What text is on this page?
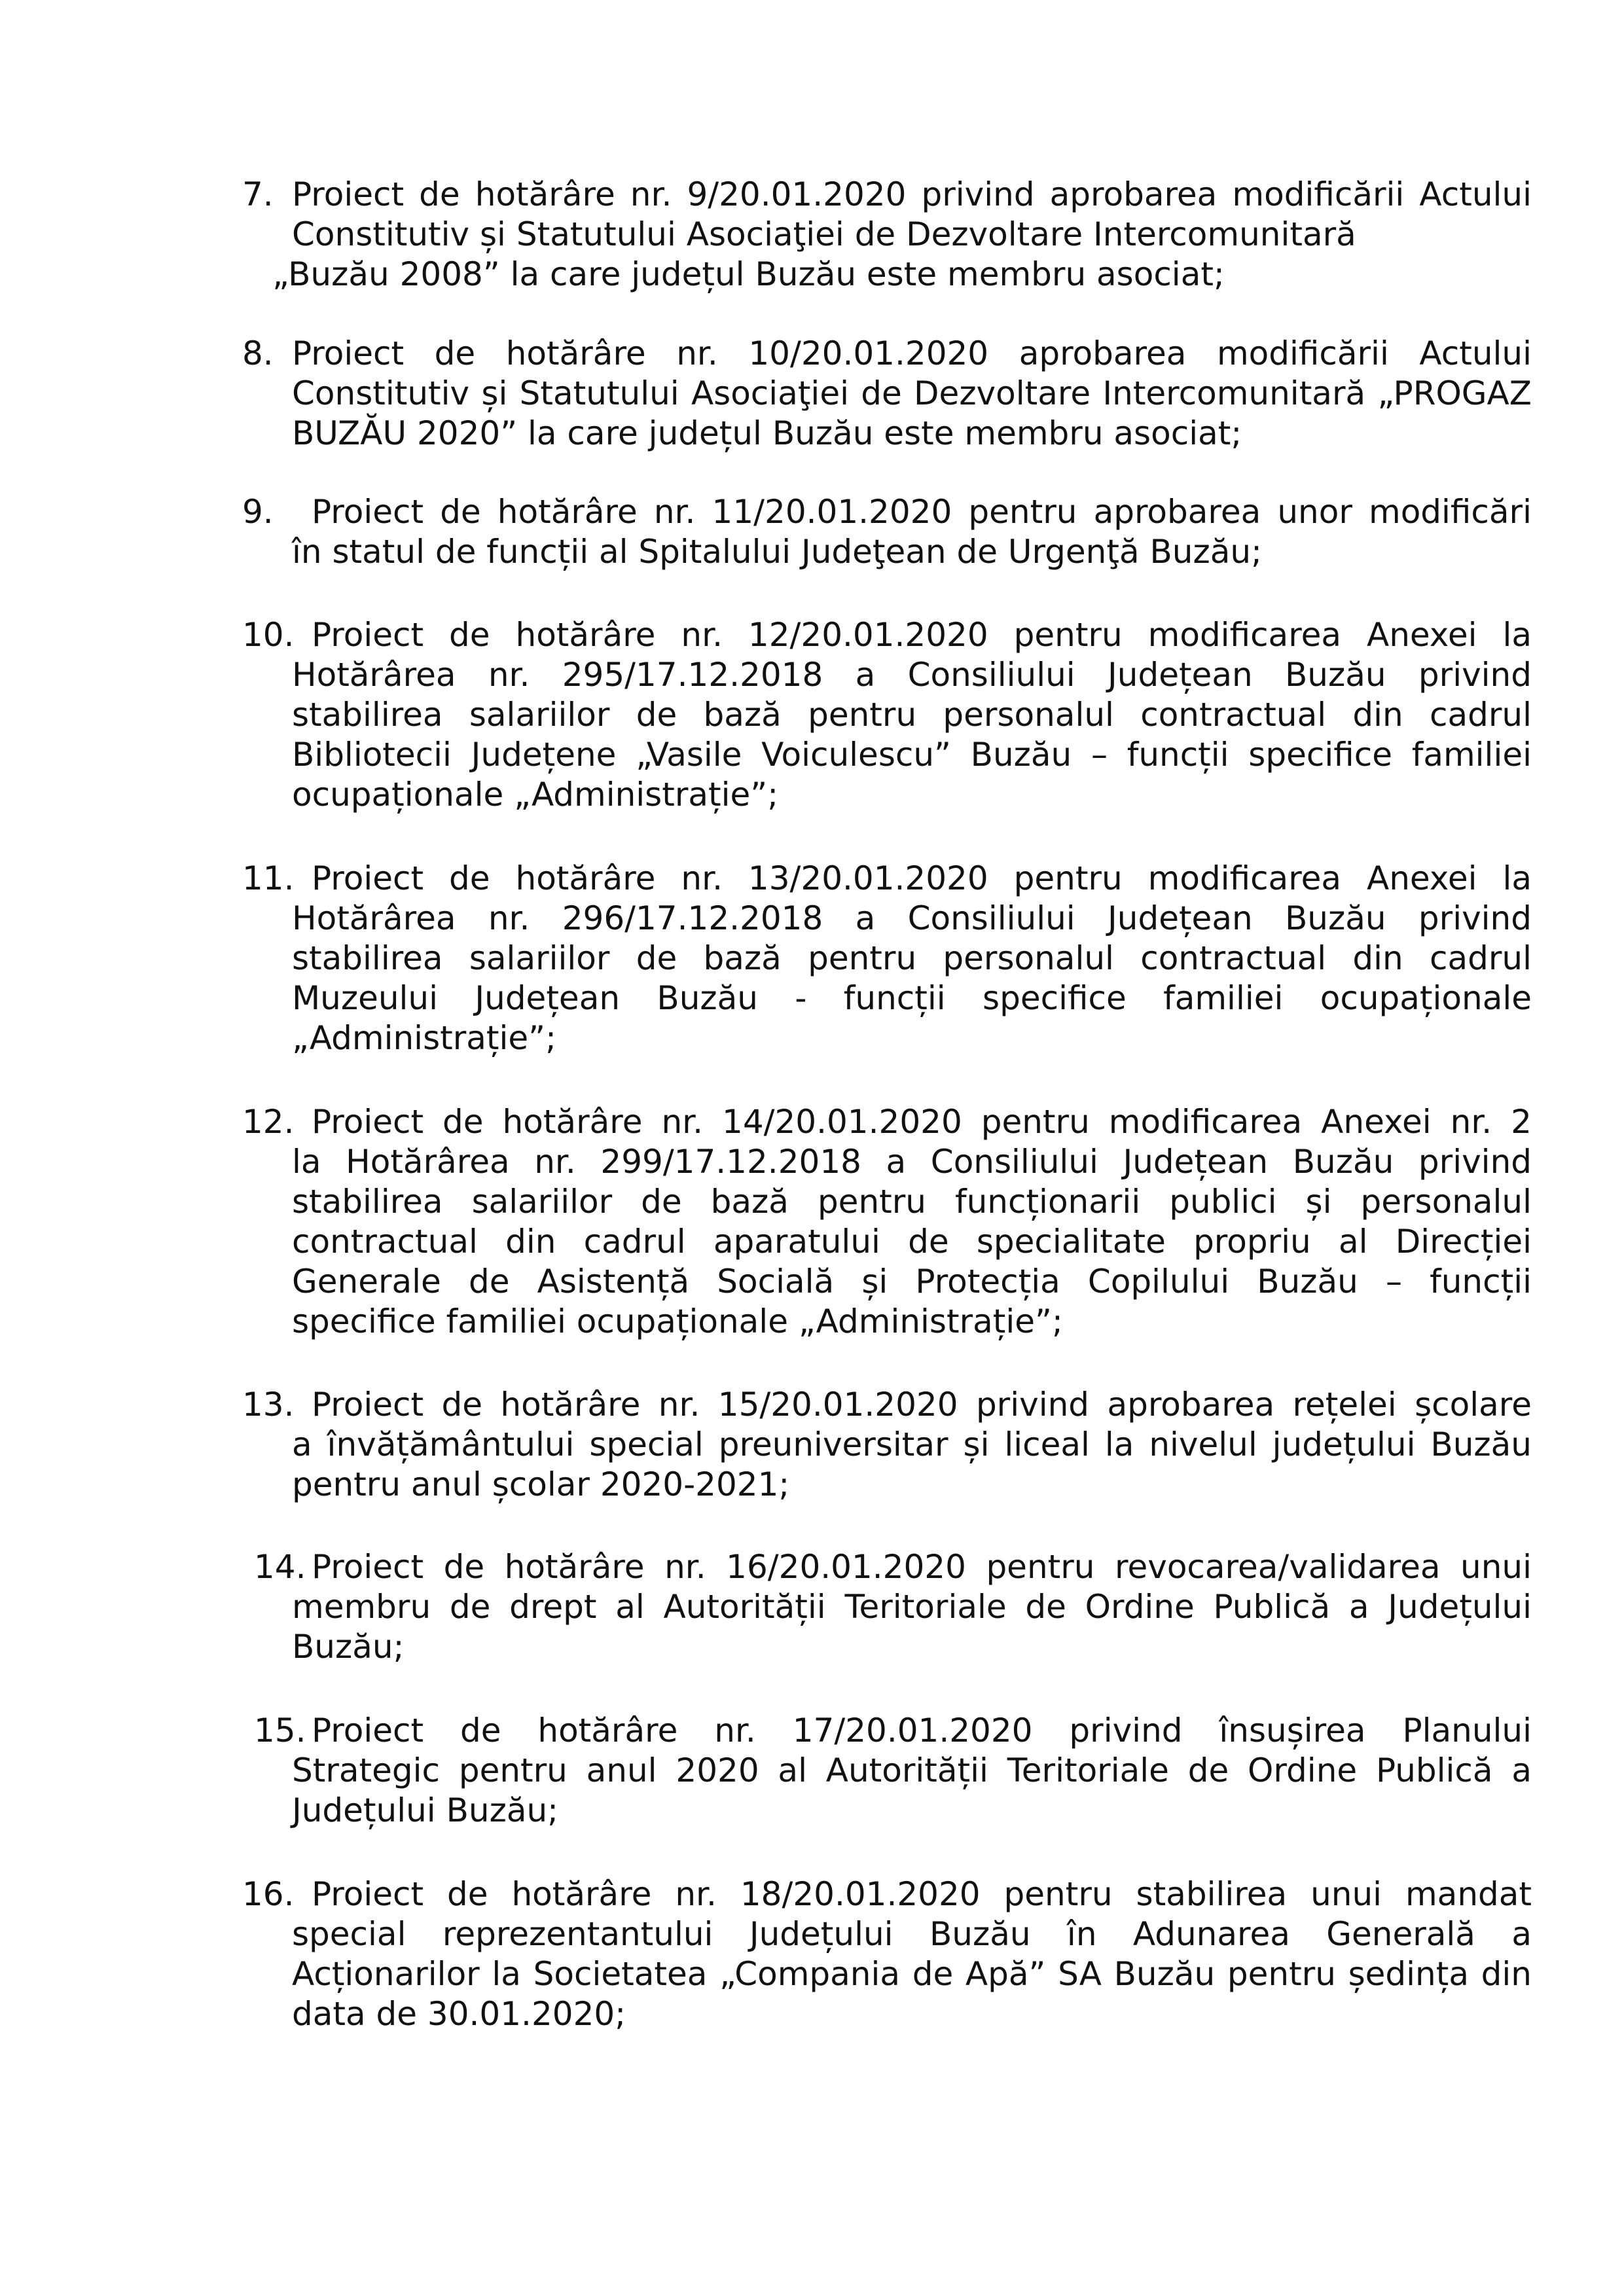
7. Proiect de hotărâre nr. 9/20.01.2020 privind aprobarea modificării Actului
Constitutiv și Statutului Asociaţiei de Dezvoltare Intercomunitară
„Buzău 2008” la care județul Buzău este membru asociat;
8. Proiect de hotărâre nr. 10/20.01.2020 aprobarea modificării Actului
Constitutiv și Statutului Asociaţiei de Dezvoltare Intercomunitară „PROGAZ
BUZĂU 2020” la care județul Buzău este membru asociat;
9.	Proiect de hotărâre nr. 11/20.01.2020 pentru aprobarea unor modificări
în statul de funcții al Spitalului Judeţean de Urgenţă Buzău;
10. Proiect de hotărâre nr. 12/20.01.2020 pentru modificarea Anexei la
Hotărârea nr. 295/17.12.2018 a Consiliului Județean Buzău privind
stabilirea salariilor de bază pentru personalul contractual din cadrul
Bibliotecii Județene „Vasile Voiculescu” Buzău – funcții specifice familiei
ocupaționale „Administrație”;
11. Proiect de hotărâre nr. 13/20.01.2020 pentru modificarea Anexei la
Hotărârea nr. 296/17.12.2018 a Consiliului Județean Buzău privind
stabilirea salariilor de bază pentru personalul contractual din cadrul
Muzeului Județean Buzău - funcții specifice familiei ocupaționale
„Administrație”;
12. Proiect de hotărâre nr. 14/20.01.2020 pentru modificarea Anexei nr. 2
la Hotărârea nr. 299/17.12.2018 a Consiliului Județean Buzău privind
stabilirea salariilor de bază pentru funcționarii publici și personalul
contractual din cadrul aparatului de specialitate propriu al Direcției
Generale de Asistență Socială și Protecția Copilului Buzău – funcții
specifice familiei ocupaționale „Administrație”;
13. Proiect de hotărâre nr. 15/20.01.2020 privind aprobarea rețelei școlare
a învățământului special preuniversitar și liceal la nivelul județului Buzău
pentru anul școlar 2020-2021;
14. Proiect de hotărâre nr. 16/20.01.2020 pentru revocarea/validarea unui
membru de drept al Autorității Teritoriale de Ordine Publică a Județului
Buzău;
15. Proiect de hotărâre nr. 17/20.01.2020 privind însușirea Planului
Strategic pentru anul 2020 al Autorității Teritoriale de Ordine Publică a
Județului Buzău;
16. Proiect de hotărâre nr. 18/20.01.2020 pentru stabilirea unui mandat
special reprezentantului Județului Buzău în Adunarea Generală a
Acționarilor la Societatea „Compania de Apă” SA Buzău pentru ședința din
data de 30.01.2020;
